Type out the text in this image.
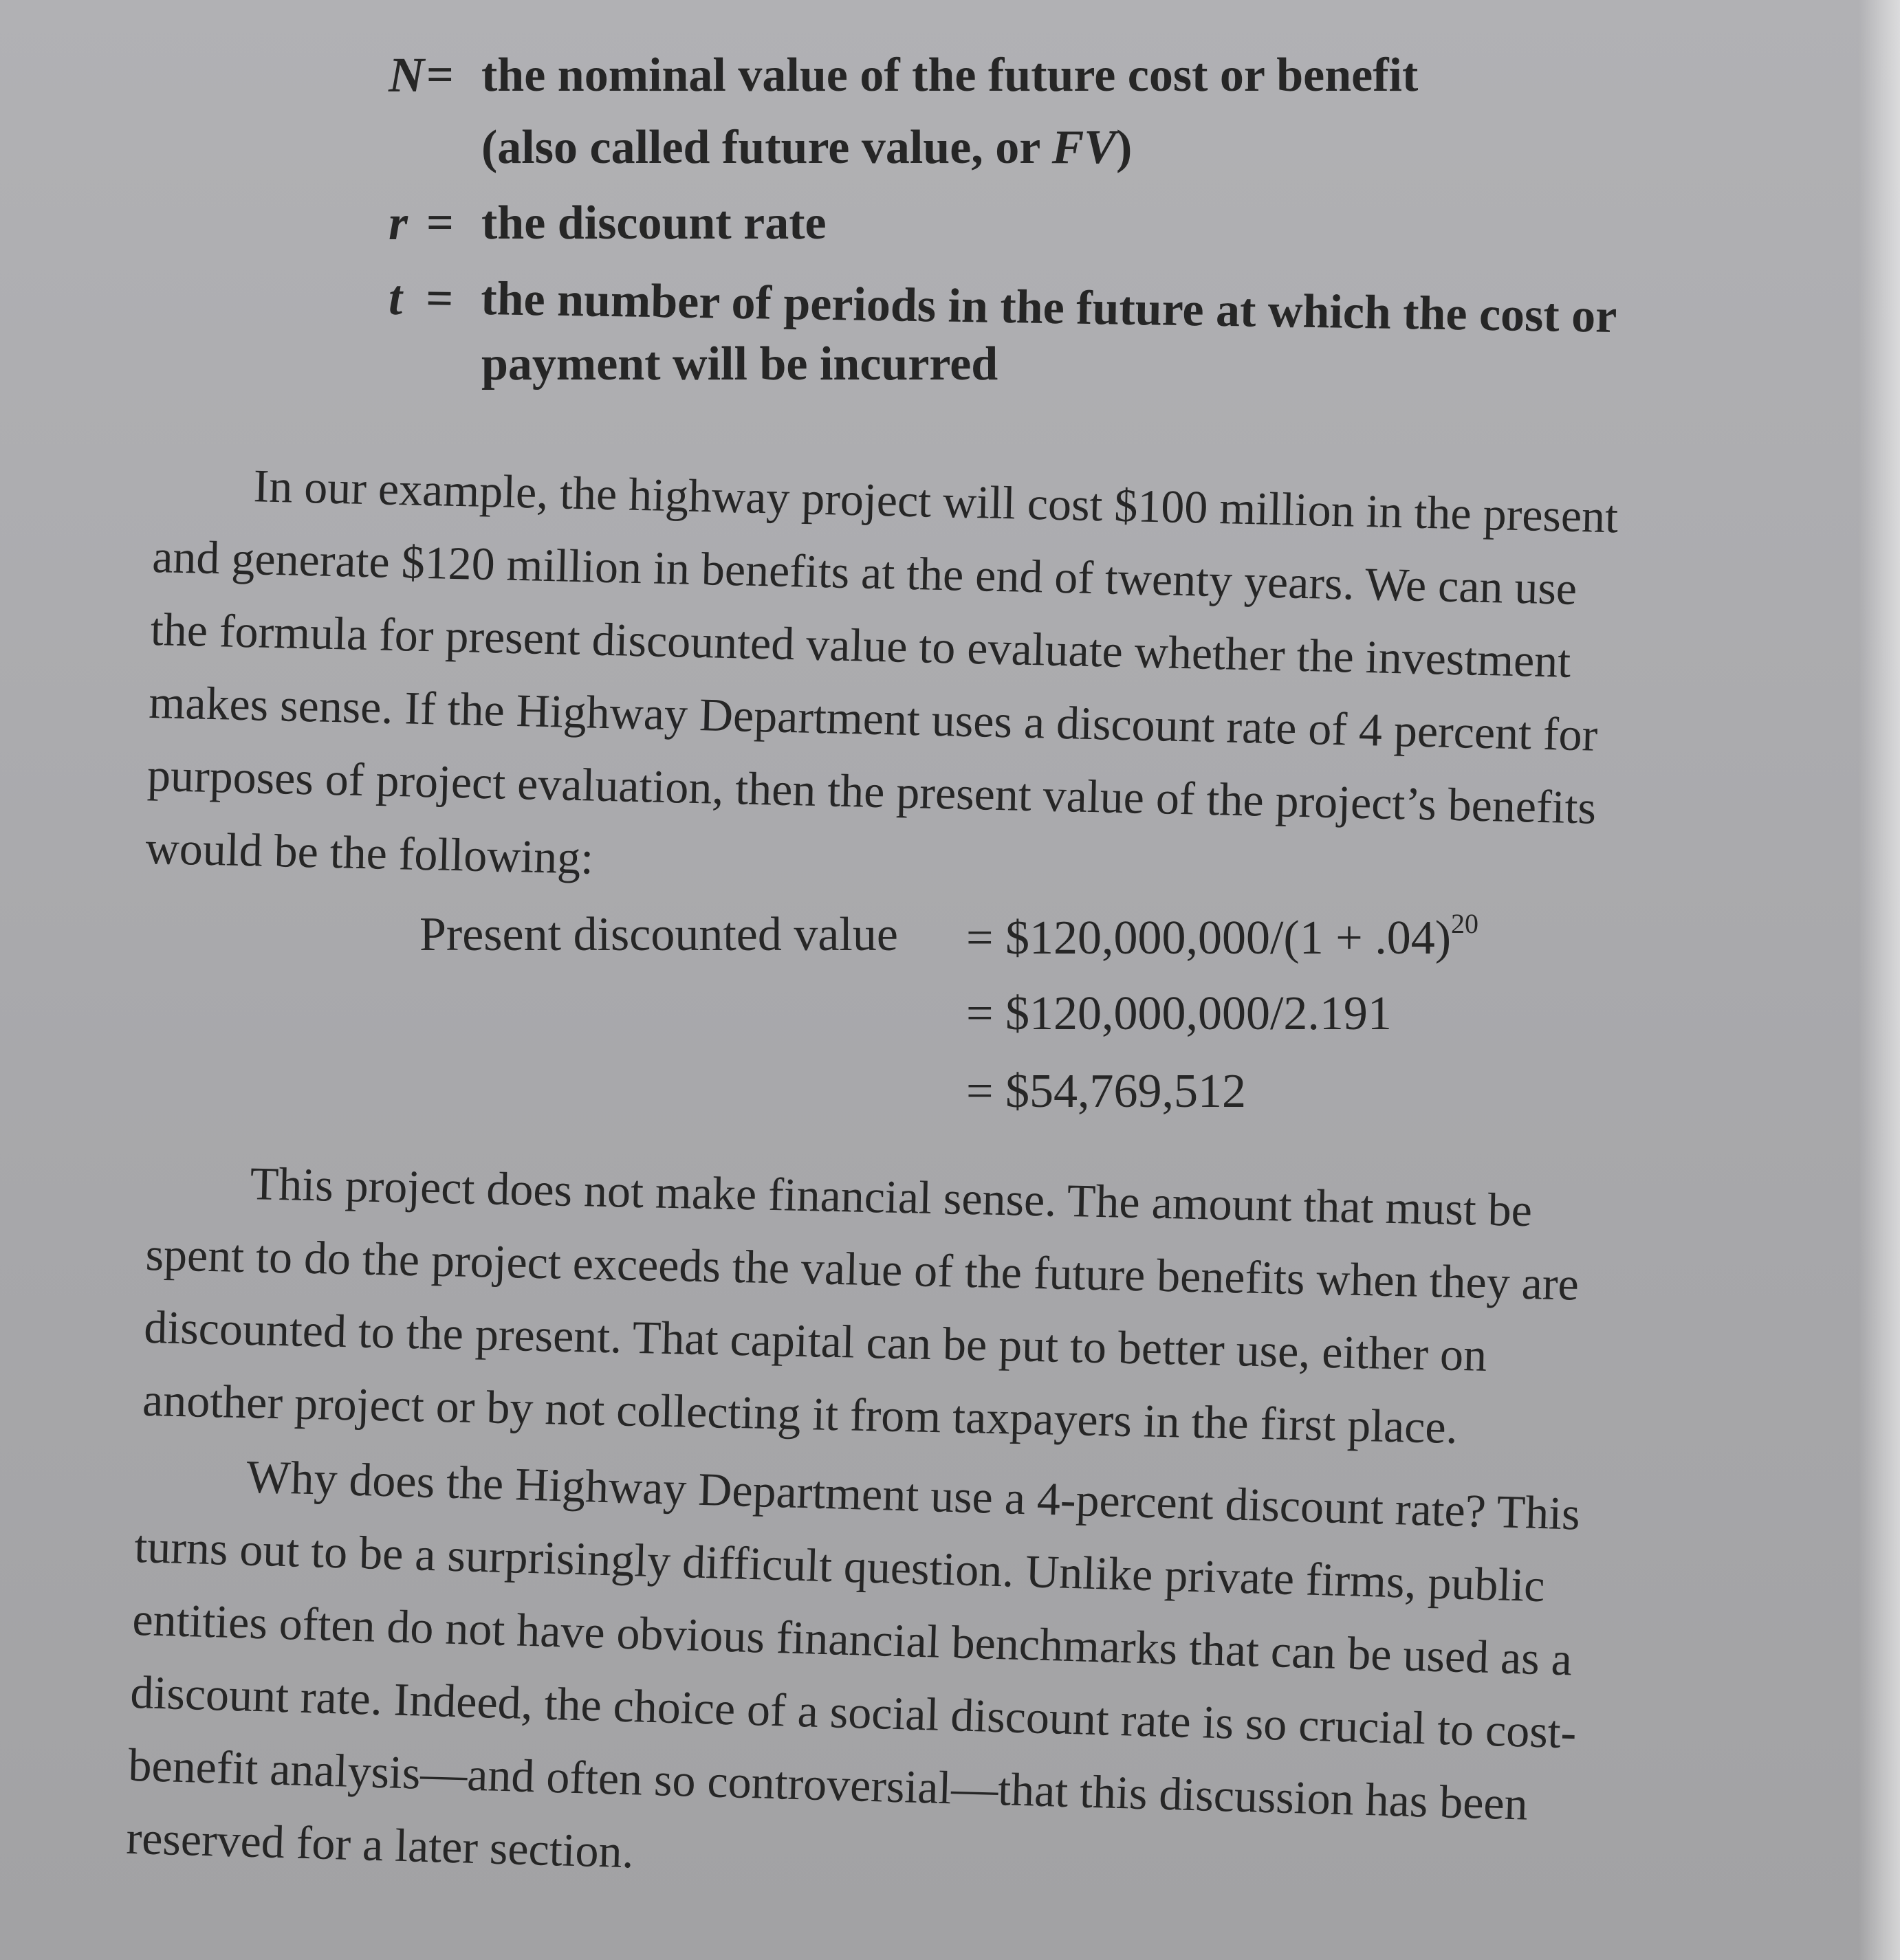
N = the nominal value of the future cost or benefit
(also called future value, or FV)
r = the discount rate
t = the number of periods in the future at which the cost or
payment will be incurred
In our example, the highway project will cost $100 million in the present
and generate $120 million in benefits at the end of twenty years. We can use
the formula for present discounted value to evaluate whether the investment
makes sense. If the Highway Department uses a discount rate of 4 percent for
purposes of project evaluation, then the present value of the project’s benefits
would be the following:
Present discounted value = $120,000,000/(1 + .04)$^{20}$
= $120,000,000/2.191
= $54,769,512
This project does not make financial sense. The amount that must be
spent to do the project exceeds the value of the future benefits when they are
discounted to the present. That capital can be put to better use, either on
another project or by not collecting it from taxpayers in the first place.
Why does the Highway Department use a 4-percent discount rate? This
turns out to be a surprisingly difficult question. Unlike private firms, public
entities often do not have obvious financial benchmarks that can be used as a
discount rate. Indeed, the choice of a social discount rate is so crucial to cost-
benefit analysis—and often so controversial—that this discussion has been
reserved for a later section.
